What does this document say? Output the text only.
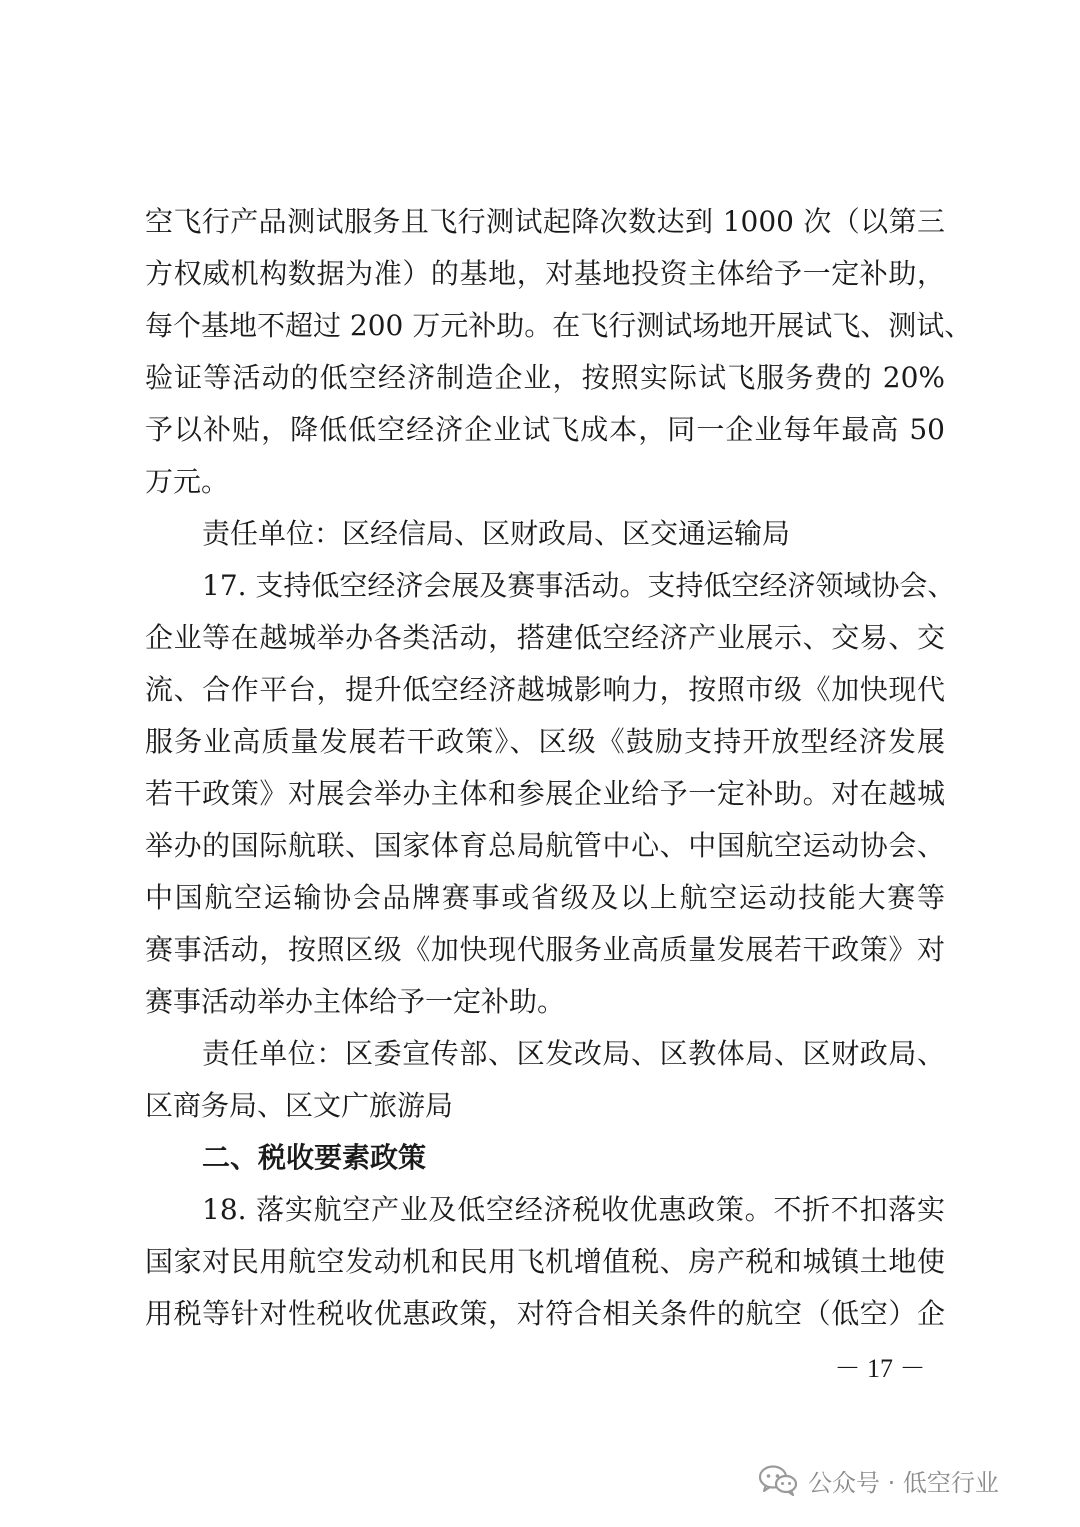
空飞行产品测试服务且飞行测试起降次数达到 1000 次（以第三
方权威机构数据为准）的基地，对基地投资主体给予一定补助，
每个基地不超过 200 万元补助。在飞行测试场地开展试飞、测试、
验证等活动的低空经济制造企业，按照实际试飞服务费的 20%
予以补贴，降低低空经济企业试飞成本，同一企业每年最高 50
万元。
责任单位：区经信局、区财政局、区交通运输局
17. 支持低空经济会展及赛事活动。支持低空经济领域协会、
企业等在越城举办各类活动，搭建低空经济产业展示、交易、交
流、合作平台，提升低空经济越城影响力，按照市级《加快现代
服务业高质量发展若干政策》、区级《鼓励支持开放型经济发展
若干政策》对展会举办主体和参展企业给予一定补助。对在越城
举办的国际航联、国家体育总局航管中心、中国航空运动协会、
中国航空运输协会品牌赛事或省级及以上航空运动技能大赛等
赛事活动，按照区级《加快现代服务业高质量发展若干政策》对
赛事活动举办主体给予一定补助。
责任单位：区委宣传部、区发改局、区教体局、区财政局、
区商务局、区文广旅游局
二、税收要素政策
18. 落实航空产业及低空经济税收优惠政策。不折不扣落实
国家对民用航空发动机和民用飞机增值税、房产税和城镇土地使
用税等针对性税收优惠政策，对符合相关条件的航空（低空）企
－ 17 －
公众号 · 低空行业
